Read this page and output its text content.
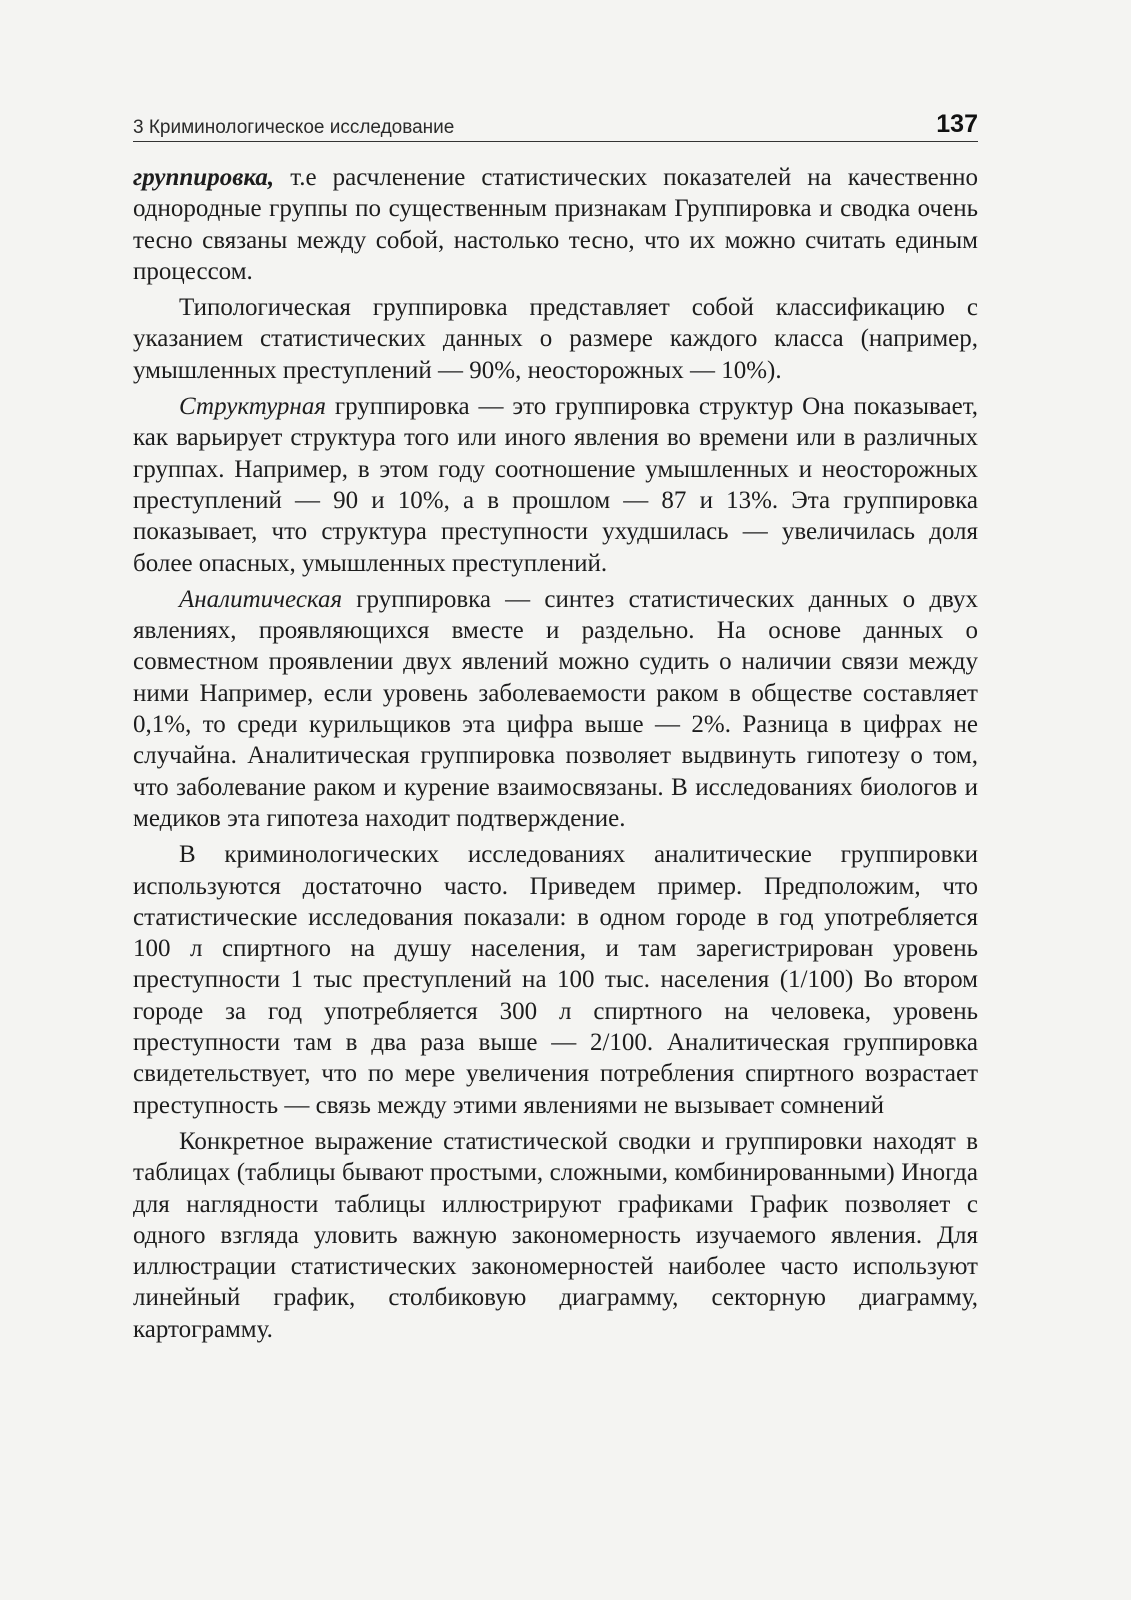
3 Криминологическое исследование	137

группировка, т.е расчленение статистических показателей на качественно однородные группы по существенным признакам Группировка и сводка очень тесно связаны между собой, настолько тесно, что их можно считать единым процессом.

Типологическая группировка представляет собой классификацию с указанием статистических данных о размере каждого класса (например, умышленных преступлений — 90%, неосторожных — 10%).

Структурная группировка — это группировка структур Она показывает, как варьирует структура того или иного явления во времени или в различных группах. Например, в этом году соотношение умышленных и неосторожных преступлений — 90 и 10%, а в прошлом — 87 и 13%. Эта группировка показывает, что структура преступности ухудшилась — увеличилась доля более опасных, умышленных преступлений.

Аналитическая группировка — синтез статистических данных о двух явлениях, проявляющихся вместе и раздельно. На основе данных о совместном проявлении двух явлений можно судить о наличии связи между ними Например, если уровень заболеваемости раком в обществе составляет 0,1%, то среди курильщиков эта цифра выше — 2%. Разница в цифрах не случайна. Аналитическая группировка позволяет выдвинуть гипотезу о том, что заболевание раком и курение взаимосвязаны. В исследованиях биологов и медиков эта гипотеза находит подтверждение.

В криминологических исследованиях аналитические группировки используются достаточно часто. Приведем пример. Предположим, что статистические исследования показали: в одном городе в год употребляется 100 л спиртного на душу населения, и там зарегистрирован уровень преступности 1 тыс преступлений на 100 тыс. населения (1/100) Во втором городе за год употребляется 300 л спиртного на человека, уровень преступности там в два раза выше — 2/100. Аналитическая группировка свидетельствует, что по мере увеличения потребления спиртного возрастает преступность — связь между этими явлениями не вызывает сомнений

Конкретное выражение статистической сводки и группировки находят в таблицах (таблицы бывают простыми, сложными, комбинированными) Иногда для наглядности таблицы иллюстрируют графиками График позволяет с одного взгляда уловить важную закономерность изучаемого явления. Для иллюстрации статистических закономерностей наиболее часто используют линейный график, столбиковую диаграмму, секторную диаграмму, картограмму.
